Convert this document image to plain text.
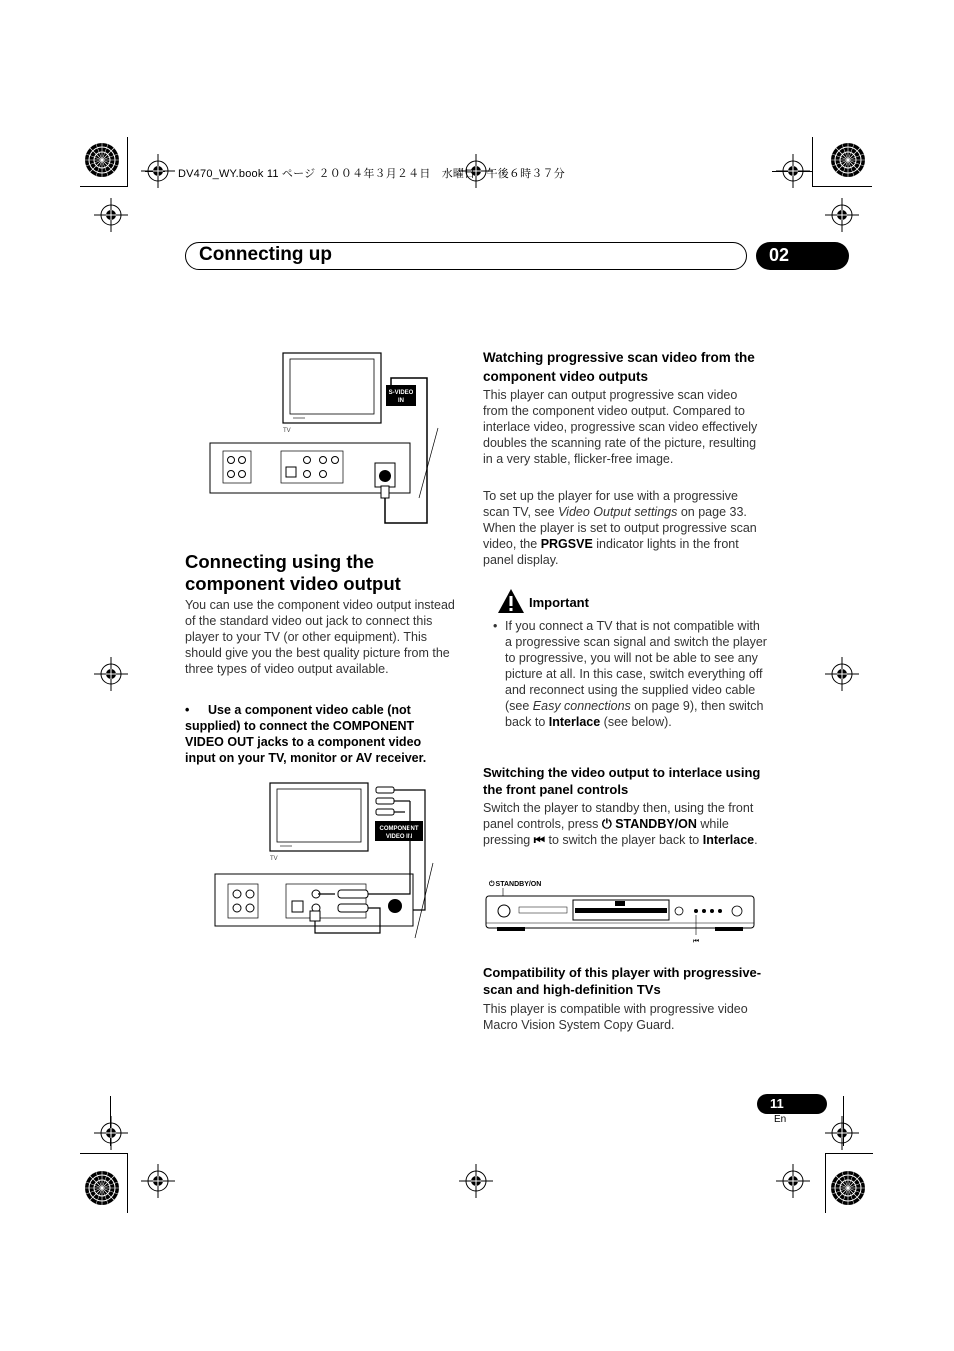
DV470_WY.book 11 ページ ２００４年３月２４日　水曜日　午後６時３７分
Connecting up	02
TV
S-VIDEO
IN
Connecting using the
component video output

You can use the component video output instead of the standard video out jack to connect this player to your TV (or other equipment). This should give you the best quality picture from the three types of video output available.

•	Use a component video cable (not supplied) to connect the COMPONENT VIDEO OUT jacks to a component video input on your TV, monitor or AV receiver.

TV
COMPONENT
VIDEO IN
Watching progressive scan video from the component video outputs

This player can output progressive scan video from the component video output. Compared to interlace video, progressive scan video effectively doubles the scanning rate of the picture, resulting in a very stable, flicker-free image.

To set up the player for use with a progressive scan TV, see Video Output settings on page 33. When the player is set to output progressive scan video, the PRGSVE indicator lights in the front panel display.

Important
• If you connect a TV that is not compatible with a progressive scan signal and switch the player to progressive, you will not be able to see any picture at all. In this case, switch everything off and reconnect using the supplied video cable (see Easy connections on page 9), then switch back to Interlace (see below).

Switching the video output to interlace using the front panel controls

Switch the player to standby then, using the front panel controls, press ⏻ STANDBY/ON while pressing ⏮ to switch the player back to Interlace.

⏻STANDBY/ON
⏮
Compatibility of this player with progressive-scan and high-definition TVs

This player is compatible with progressive video Macro Vision System Copy Guard.

11
En
